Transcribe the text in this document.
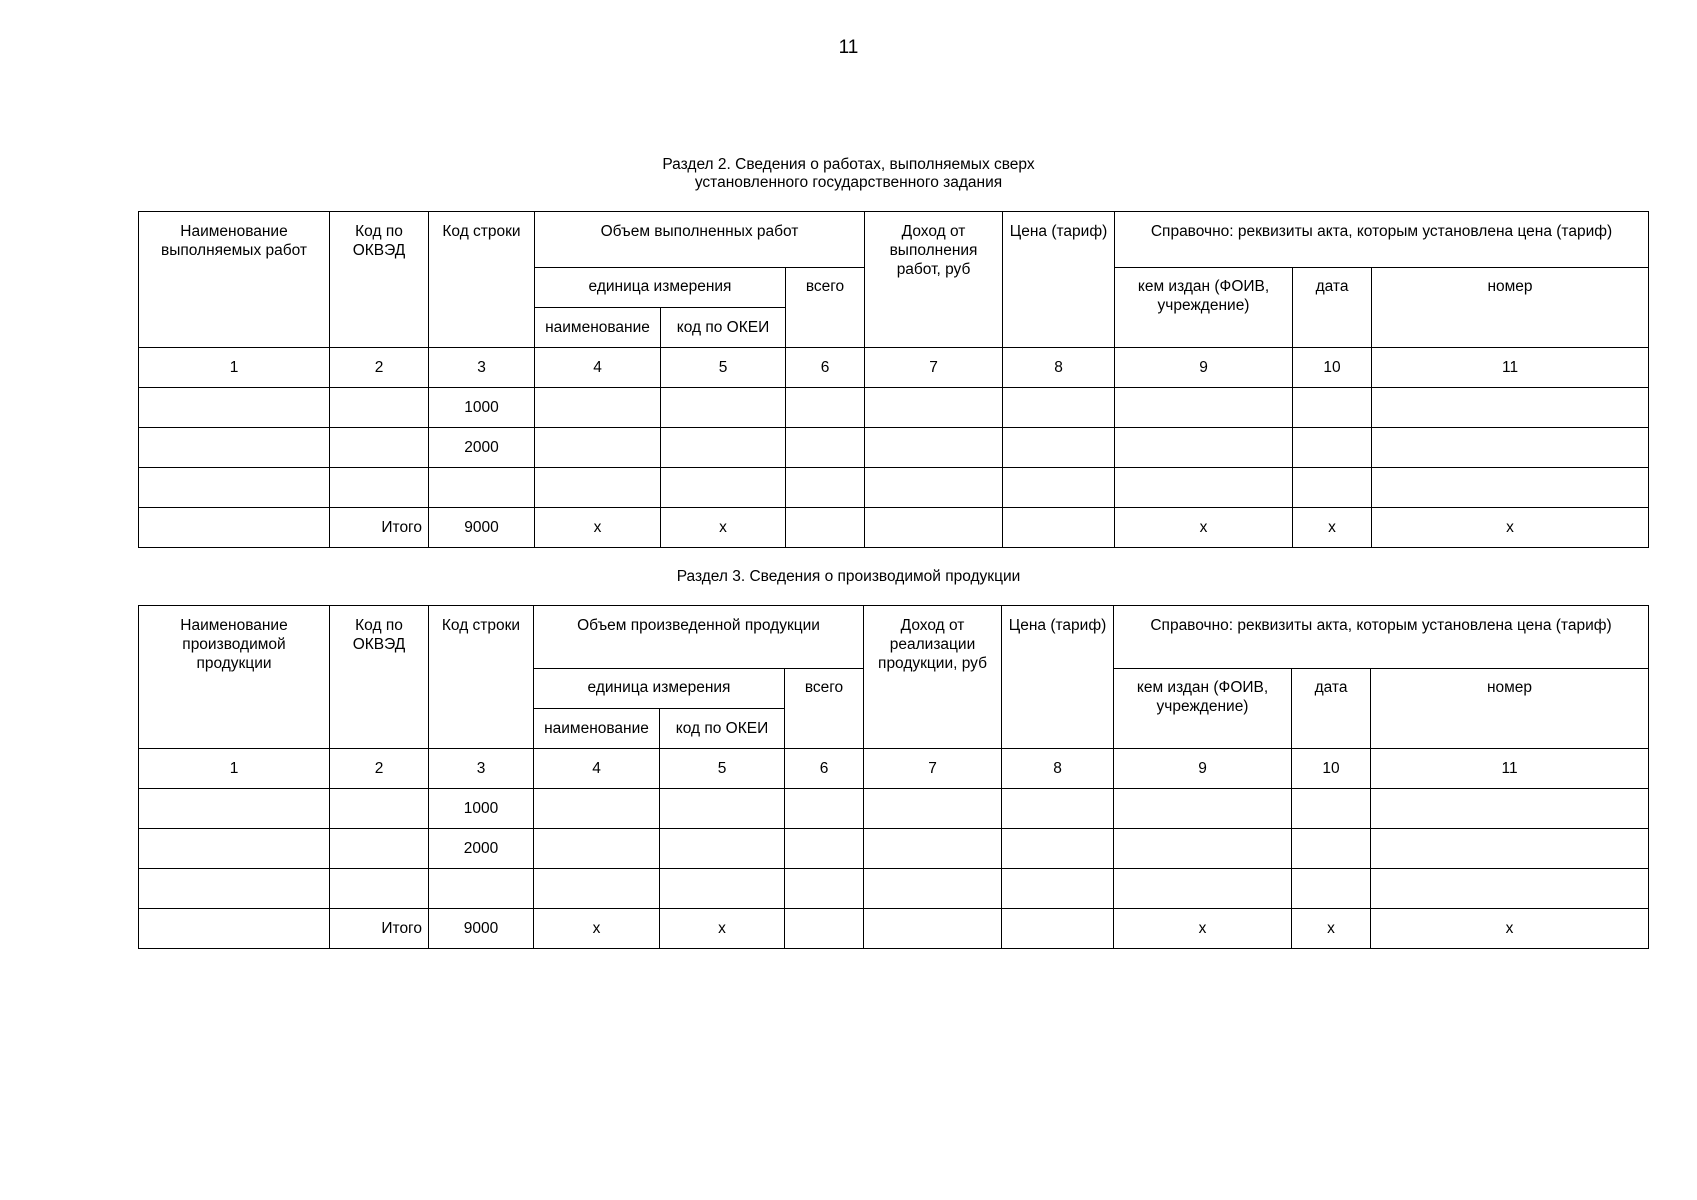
11
Раздел 2. Сведения о работах, выполняемых сверх
установленного государственного задания
Наименование выполняемых работ	Код по ОКВЭД	Код строки	Объем выполненных работ			Доход от выполнения работ, руб	Цена (тариф)	Справочно: реквизиты акта, которым установлена цена (тариф)		
			единица измерения		всего			кем издан (ФОИВ, учреждение)	дата	номер
			наименование	код по ОКЕИ						
1	2	3	4	5	6	7	8	9	10	11
		1000								
		2000								

	Итого	9000	х	х				х	х	х
Раздел 3. Сведения о производимой продукции
Наименование производимой продукции	Код по ОКВЭД	Код строки	Объем произведенной продукции			Доход от реализации продукции, руб	Цена (тариф)	Справочно: реквизиты акта, которым установлена цена (тариф)		
			единица измерения		всего			кем издан (ФОИВ, учреждение)	дата	номер
			наименование	код по ОКЕИ						
1	2	3	4	5	6	7	8	9	10	11
		1000								
		2000								

	Итого	9000	х	х				х	х	х
